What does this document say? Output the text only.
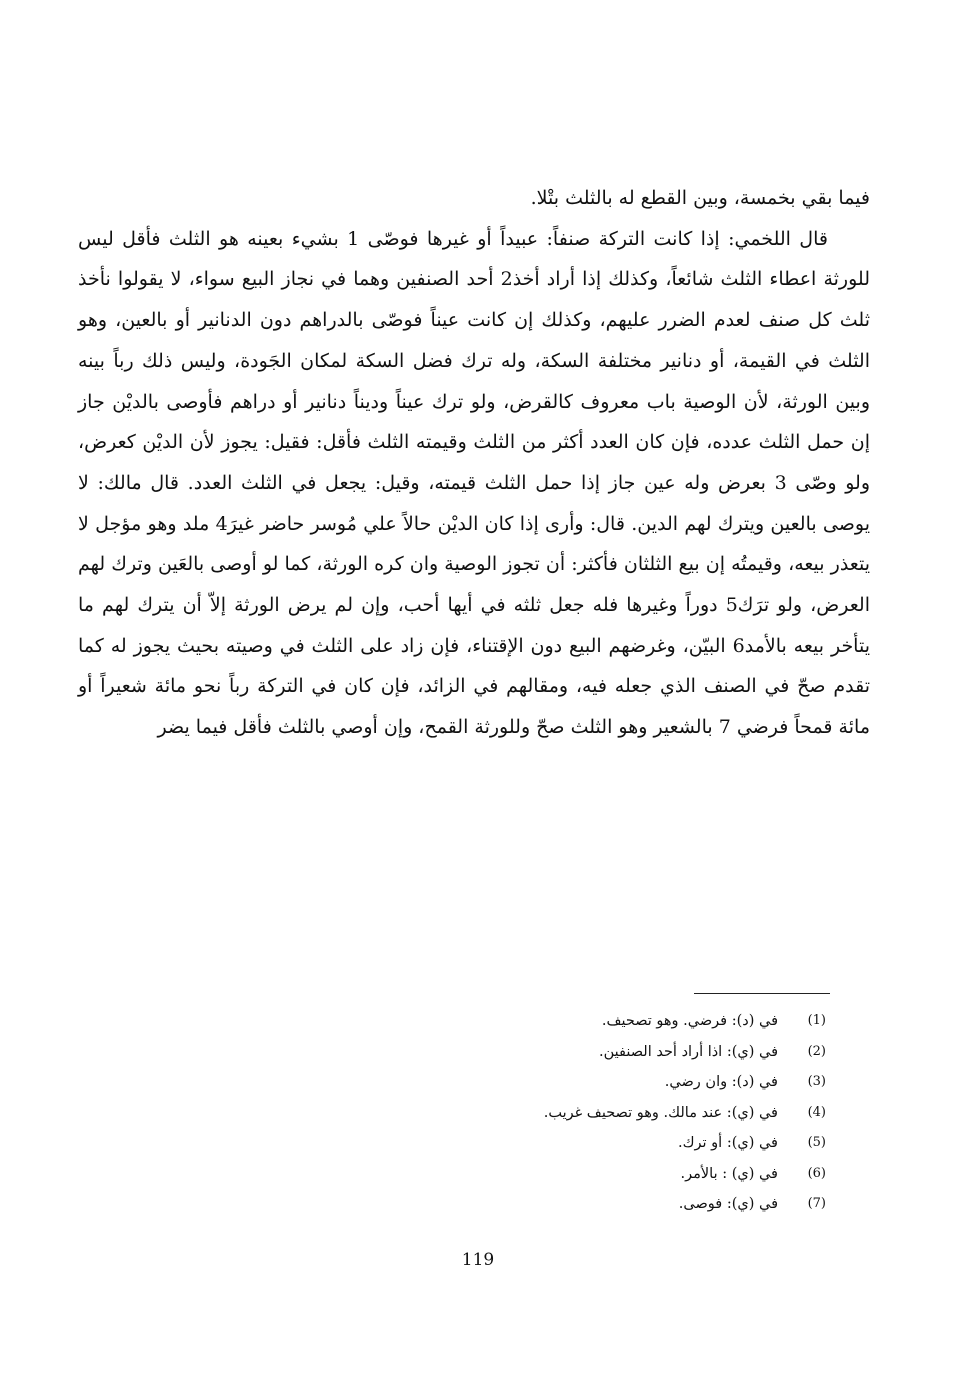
فيما بقي بخمسة، وبين القطع له بالثلث بتْلا.

قال اللخمي: إذا كانت التركة صنفاً: عبيداً أو غيرها فوصّى 1 بشيء بعينه هو الثلث فأقل ليس للورثة اعطاء الثلث شائعاً، وكذلك إذا أراد أخذ2 أحد الصنفين وهما في نجاز البيع سواء، لا يقولوا نأخذ ثلث كل صنف لعدم الضرر عليهم، وكذلك إن كانت عيناً فوصّى بالدراهم دون الدنانير أو بالعين، وهو الثلث في القيمة، أو دنانير مختلفة السكة، وله ترك فضل السكة لمكان الجَودة، وليس ذلك رباً بينه وبين الورثة، لأن الوصية باب معروف كالقرض، ولو ترك عيناً وديناً دنانير أو دراهم فأوصى بالديْن جاز إن حمل الثلث عدده، فإن كان العدد أكثر من الثلث وقيمته الثلث فأقل: فقيل: يجوز لأن الديْن كعرض، ولو وصّى 3 بعرض وله عين جاز إذا حمل الثلث قيمته، وقيل: يجعل في الثلث العدد. قال مالك: لا يوصى بالعين ويترك لهم الدين. قال: وأرى إذا كان الديْن حالاً علي مُوسر حاضر غيرَ4 ملد وهو مؤجل لا يتعذر بيعه، وقيمتُه إن بيع الثلثان فأكثر: أن تجوز الوصية وان كره الورثة، كما لو أوصى بالعَين وترك لهم العرض، ولو ترَك5 دوراً وغيرها فله جعل ثلثه في أيها أحب، وإن لم يرض الورثة إلاّ أن يترك لهم ما يتأخر بيعه بالأمد6 البيّن، وغرضهم البيع دون الإقتناء، فإن زاد على الثلث في وصيته بحيث يجوز له كما تقدم صحّ في الصنف الذي جعله فيه، ومقالهم في الزائد، فإن كان في التركة رباً نحو مائة شعيراً أو مائة قمحاً فرضي 7 بالشعير وهو الثلث صحّ وللورثة القمح، وإن أوصي بالثلث فأقل فيما يضر

(1)
في (د): فرضي. وهو تصحيف.
(2)
في (ي): اذا أراد أحد الصنفين.
(3)
في (د): وان رضي.
(4)
في (ي): عند مالك. وهو تصحيف غريب.
(5)
في (ي): أو ترك.
(6)
في (ي) : بالأمر.
(7)
في (ي): فوصى.
119
